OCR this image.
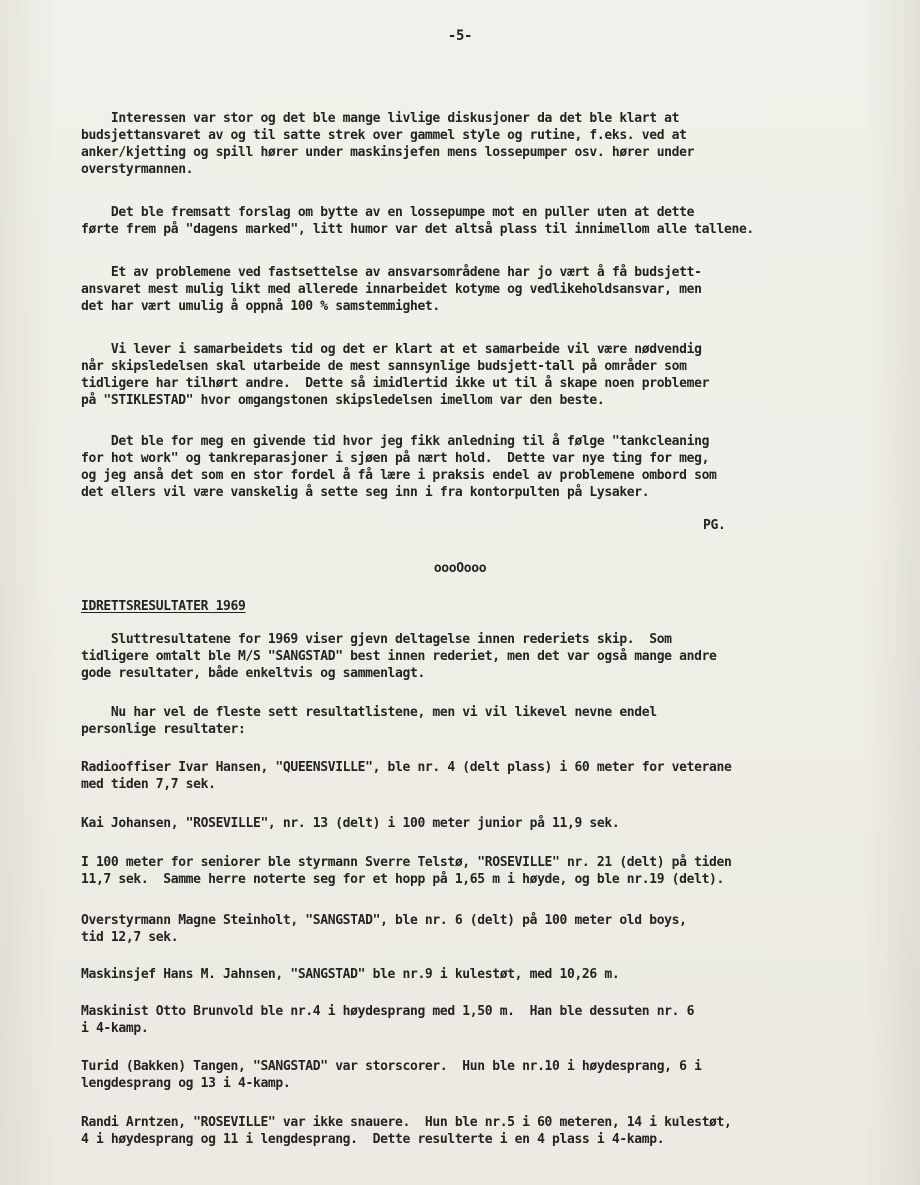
-5-

Interessen var stor og det ble mange livlige diskusjoner da det ble klart at
budsjettansvaret av og til satte strek over gammel style og rutine, f.eks. ved at
anker/kjetting og spill hører under maskinsjefen mens lossepumper osv. hører under
overstyrmannen.

Det ble fremsatt forslag om bytte av en lossepumpe mot en puller uten at dette
førte frem på "dagens marked", litt humor var det altså plass til innimellom alle tallene.

Et av problemene ved fastsettelse av ansvarsområdene har jo vært å få budsjett-
ansvaret mest mulig likt med allerede innarbeidet kotyme og vedlikeholdsansvar, men
det har vært umulig å oppnå 100 % samstemmighet.

Vi lever i samarbeidets tid og det er klart at et samarbeide vil være nødvendig
når skipsledelsen skal utarbeide de mest sannsynlige budsjett-tall på områder som
tidligere har tilhørt andre.  Dette så imidlertid ikke ut til å skape noen problemer
på "STIKLESTAD" hvor omgangstonen skipsledelsen imellom var den beste.

Det ble for meg en givende tid hvor jeg fikk anledning til å følge "tankcleaning
for hot work" og tankreparasjoner i sjøen på nært hold.  Dette var nye ting for meg,
og jeg anså det som en stor fordel å få lære i praksis endel av problemene ombord som
det ellers vil være vanskelig å sette seg inn i fra kontorpulten på Lysaker.

PG.
oooOooo
IDRETTSRESULTATER 1969

Sluttresultatene for 1969 viser gjevn deltagelse innen rederiets skip.  Som
tidligere omtalt ble M/S "SANGSTAD" best innen rederiet, men det var også mange andre
gode resultater, både enkeltvis og sammenlagt.

Nu har vel de fleste sett resultatlistene, men vi vil likevel nevne endel
personlige resultater:

Radiooffiser Ivar Hansen, "QUEENSVILLE", ble nr. 4 (delt plass) i 60 meter for veterane
med tiden 7,7 sek.

Kai Johansen, "ROSEVILLE", nr. 13 (delt) i 100 meter junior på 11,9 sek.

I 100 meter for seniorer ble styrmann Sverre Telstø, "ROSEVILLE" nr. 21 (delt) på tiden
11,7 sek.  Samme herre noterte seg for et hopp på 1,65 m i høyde, og ble nr.19 (delt).

Overstyrmann Magne Steinholt, "SANGSTAD", ble nr. 6 (delt) på 100 meter old boys,
tid 12,7 sek.

Maskinsjef Hans M. Jahnsen, "SANGSTAD" ble nr.9 i kulestøt, med 10,26 m.

Maskinist Otto Brunvold ble nr.4 i høydesprang med 1,50 m.  Han ble dessuten nr. 6
i 4-kamp.

Turid (Bakken) Tangen, "SANGSTAD" var storscorer.  Hun ble nr.10 i høydesprang, 6 i
lengdesprang og 13 i 4-kamp.

Randi Arntzen, "ROSEVILLE" var ikke snauere.  Hun ble nr.5 i 60 meteren, 14 i kulestøt,
4 i høydesprang og 11 i lengdesprang.  Dette resulterte i en 4 plass i 4-kamp.
